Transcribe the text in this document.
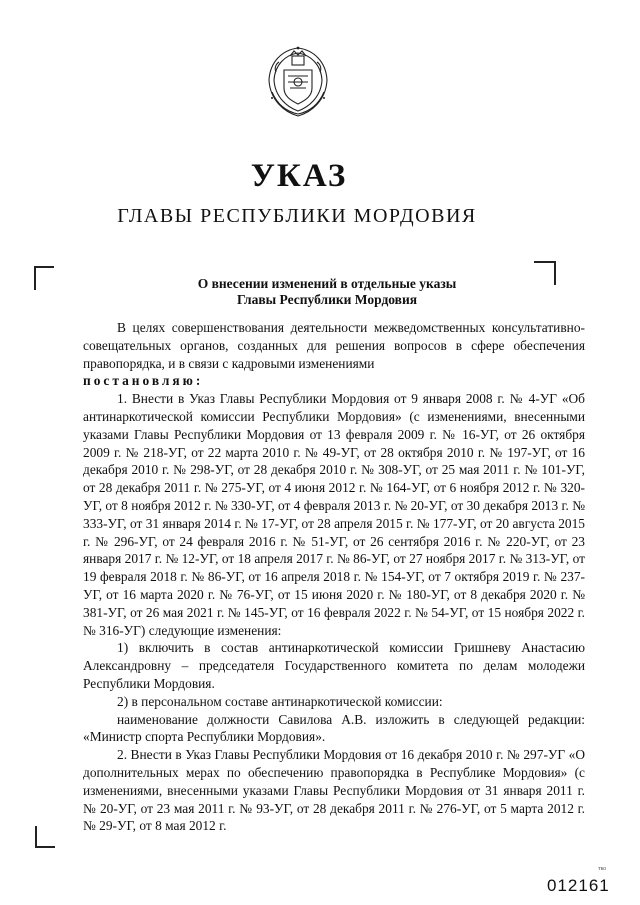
УКАЗ
ГЛАВЫ РЕСПУБЛИКИ МОРДОВИЯ
О внесении изменений в отдельные указы
Главы Республики Мордовия

В целях совершенствования деятельности межведомственных консультативно-совещательных органов, созданных для решения вопросов в сфере обеспечения правопорядка, и в связи с кадровыми изменениями

постановляю:

1. Внести в Указ Главы Республики Мордовия от 9 января 2008 г. № 4-УГ «Об антинаркотической комиссии Республики Мордовия» (с изменениями, внесенными указами Главы Республики Мордовия от 13 февраля 2009 г. № 16-УГ, от 26 октября 2009 г. № 218-УГ, от 22 марта 2010 г. № 49-УГ, от 28 октября 2010 г. № 197-УГ, от 16 декабря 2010 г. № 298-УГ, от 28 декабря 2010 г. № 308-УГ, от 25 мая 2011 г. № 101-УГ, от 28 декабря 2011 г. № 275-УГ, от 4 июня 2012 г. № 164-УГ, от 6 ноября 2012 г. № 320-УГ, от 8 ноября 2012 г. № 330-УГ, от 4 февраля 2013 г. № 20-УГ, от 30 декабря 2013 г. № 333-УГ, от 31 января 2014 г. № 17-УГ, от 28 апреля 2015 г. № 177-УГ, от 20 августа 2015 г. № 296-УГ, от 24 февраля 2016 г. № 51-УГ, от 26 сентября 2016 г. № 220-УГ, от 23 января 2017 г. № 12-УГ, от 18 апреля 2017 г. № 86-УГ, от 27 ноября 2017 г. № 313-УГ, от 19 февраля 2018 г. № 86-УГ, от 16 апреля 2018 г. № 154-УГ, от 7 октября 2019 г. № 237-УГ, от 16 марта 2020 г. № 76-УГ, от 15 июня 2020 г. № 180-УГ, от 8 декабря 2020 г. № 381-УГ, от 26 мая 2021 г. № 145-УГ, от 16 февраля 2022 г. № 54-УГ, от 15 ноября 2022 г. № 316-УГ) следующие изменения:

1) включить в состав антинаркотической комиссии Гришневу Анастасию Александровну – председателя Государственного комитета по делам молодежи Республики Мордовия.

2) в персональном составе антинаркотической комиссии:

наименование должности Савилова А.В. изложить в следующей редакции: «Министр спорта Республики Мордовия».

2. Внести в Указ Главы Республики Мордовия от 16 декабря 2010 г. № 297-УГ «О дополнительных мерах по обеспечению правопорядка в Республике Мордовия» (с изменениями, внесенными указами Главы Республики Мордовия от 31 января 2011 г. № 20-УГ, от 23 мая 2011 г. № 93-УГ, от 28 декабря 2011 г. № 276-УГ, от 5 марта 2012 г. № 29-УГ, от 8 мая 2012 г.

тко
012161
